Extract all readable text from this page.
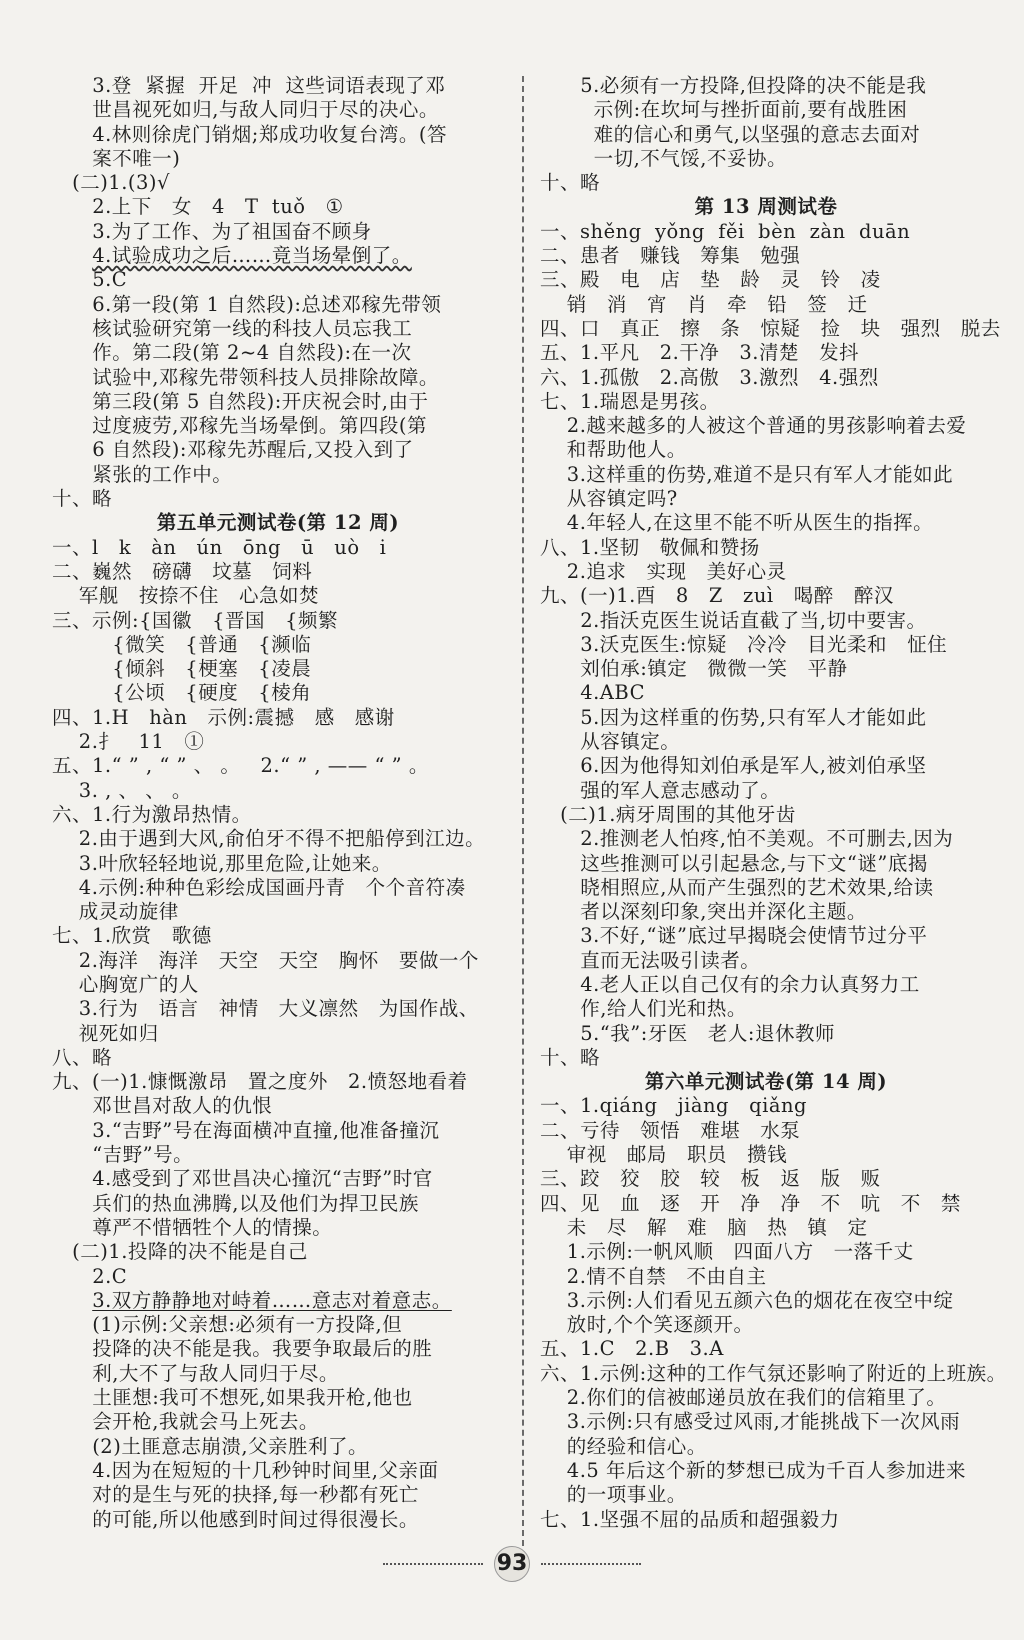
3.登  紧握  开足  冲  这些词语表现了邓
世昌视死如归,与敌人同归于尽的决心。
4.林则徐虎门销烟;郑成功收复台湾。(答
案不唯一)
(二)1.(3)√
2.上下   女   4   T  tuǒ   ①
3.为了工作、为了祖国奋不顾身
4.试验成功之后……竟当场晕倒了。
5.C
6.第一段(第 1 自然段):总述邓稼先带领
核试验研究第一线的科技人员忘我工
作。第二段(第 2~4 自然段):在一次
试验中,邓稼先带领科技人员排除故障。
第三段(第 5 自然段):开庆祝会时,由于
过度疲劳,邓稼先当场晕倒。第四段(第
6 自然段):邓稼先苏醒后,又投入到了
紧张的工作中。
十、略
第五单元测试卷(第 12 周)
一、l   k   àn   ún   ōng   ū   uò   i
二、巍然   磅礴   坟墓   饲料
军舰   按捺不住   心急如焚
三、示例:{国徽   {晋国   {频繁
{微笑   {普通   {濒临
{倾斜   {梗塞   {凌晨
{公顷   {硬度   {棱角
四、1.H   hàn   示例:震撼   感   感谢
2.扌   11   ①
五、1.“ ” , “ ” 、 。   2.“ ” , —— “ ” 。
3. , 、 、 。
六、1.行为激昂热情。
2.由于遇到大风,俞伯牙不得不把船停到江边。
3.叶欣轻轻地说,那里危险,让她来。
4.示例:种种色彩绘成国画丹青   个个音符凑
成灵动旋律
七、1.欣赏   歌德
2.海洋   海洋   天空   天空   胸怀   要做一个
心胸宽广的人
3.行为   语言   神情   大义凛然   为国作战、
视死如归
八、略
九、(一)1.慷慨激昂   置之度外   2.愤怒地看着
邓世昌对敌人的仇恨
3.“吉野”号在海面横冲直撞,他准备撞沉
“吉野”号。
4.感受到了邓世昌决心撞沉“吉野”时官
兵们的热血沸腾,以及他们为捍卫民族
尊严不惜牺牲个人的情操。
(二)1.投降的决不能是自己
2.C
3.双方静静地对峙着……意志对着意志。
(1)示例:父亲想:必须有一方投降,但
投降的决不能是我。我要争取最后的胜
利,大不了与敌人同归于尽。
土匪想:我可不想死,如果我开枪,他也
会开枪,我就会马上死去。
(2)土匪意志崩溃,父亲胜利了。
4.因为在短短的十几秒钟时间里,父亲面
对的是生与死的抉择,每一秒都有死亡
的可能,所以他感到时间过得很漫长。
5.必须有一方投降,但投降的决不能是我
示例:在坎坷与挫折面前,要有战胜困
难的信心和勇气,以坚强的意志去面对
一切,不气馁,不妥协。
十、略
第 13 周测试卷
一、shěng  yǒng  fěi  bèn  zàn  duān
二、患者   赚钱   筹集   勉强
三、殿   电   店   垫   龄   灵   铃   凌
销   消   宵   肖   牵   铅   签   迁
四、口   真正   擦   条   惊疑   捡   块   强烈   脱去
五、1.平凡   2.干净   3.清楚   发抖
六、1.孤傲   2.高傲   3.激烈   4.强烈
七、1.瑞恩是男孩。
2.越来越多的人被这个普通的男孩影响着去爱
和帮助他人。
3.这样重的伤势,难道不是只有军人才能如此
从容镇定吗?
4.年轻人,在这里不能不听从医生的指挥。
八、1.坚韧   敬佩和赞扬
2.追求   实现   美好心灵
九、(一)1.酉   8   Z   zuì   喝醉   醉汉
2.指沃克医生说话直截了当,切中要害。
3.沃克医生:惊疑   冷冷   目光柔和   怔住
刘伯承:镇定   微微一笑   平静
4.ABC
5.因为这样重的伤势,只有军人才能如此
从容镇定。
6.因为他得知刘伯承是军人,被刘伯承坚
强的军人意志感动了。
(二)1.病牙周围的其他牙齿
2.推测老人怕疼,怕不美观。不可删去,因为
这些推测可以引起悬念,与下文“谜”底揭
晓相照应,从而产生强烈的艺术效果,给读
者以深刻印象,突出并深化主题。
3.不好,“谜”底过早揭晓会使情节过分平
直而无法吸引读者。
4.老人正以自己仅有的余力认真努力工
作,给人们光和热。
5.“我”:牙医   老人:退休教师
十、略
第六单元测试卷(第 14 周)
一、1.qiáng   jiàng   qiǎng
二、亏待   领悟   难堪   水泵
审视   邮局   职员   攒钱
三、跤   狡   胶   较   板   返   版   贩
四、见   血   逐   开   净   净   不   吭   不   禁
未   尽   解   难   脑   热   镇   定
1.示例:一帆风顺   四面八方   一落千丈
2.情不自禁   不由自主
3.示例:人们看见五颜六色的烟花在夜空中绽
放时,个个笑逐颜开。
五、1.C   2.B   3.A
六、1.示例:这种的工作气氛还影响了附近的上班族。
2.你们的信被邮递员放在我们的信箱里了。
3.示例:只有感受过风雨,才能挑战下一次风雨
的经验和信心。
4.5 年后这个新的梦想已成为千百人参加进来
的一项事业。
七、1.坚强不屈的品质和超强毅力
93
